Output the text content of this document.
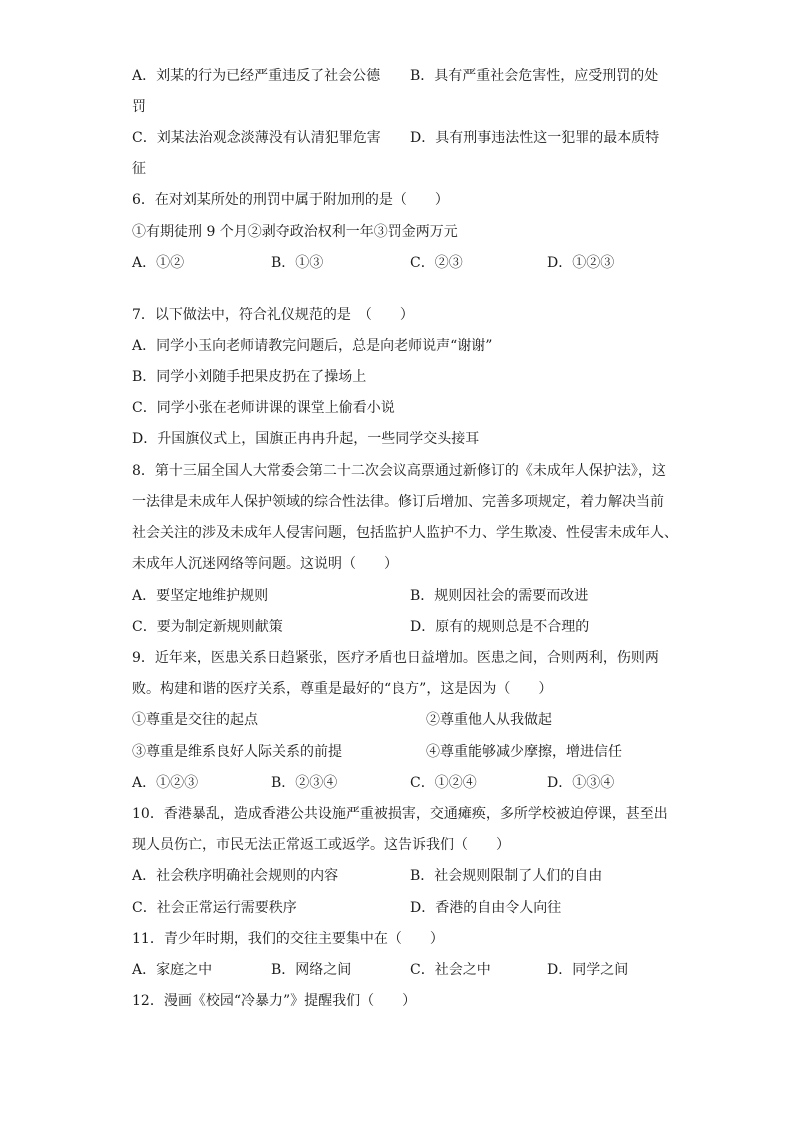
A．刘某的行为已经严重违反了社会公德 B．具有严重社会危害性，应受刑罚的处
罚
C．刘某法治观念淡薄没有认清犯罪危害 D．具有刑事违法性这一犯罪的最本质特
征
6．在对刘某所处的刑罚中属于附加刑的是（　　）
①有期徒刑 9 个月②剥夺政治权利一年③罚金两万元
A．①②	B．①③	C．②③	D．①②③
7．以下做法中，符合礼仪规范的是　（　　）
A．同学小玉向老师请教完问题后，总是向老师说声“谢谢”
B．同学小刘随手把果皮扔在了操场上
C．同学小张在老师讲课的课堂上偷看小说
D．升国旗仪式上，国旗正冉冉升起，一些同学交头接耳
8．第十三届全国人大常委会第二十二次会议高票通过新修订的《未成年人保护法》，这
一法律是未成年人保护领域的综合性法律。修订后增加、完善多项规定，着力解决当前
社会关注的涉及未成年人侵害问题，包括监护人监护不力、学生欺凌、性侵害未成年人、
未成年人沉迷网络等问题。这说明（　　）
A．要坚定地维护规则	B．规则因社会的需要而改进
C．要为制定新规则献策	D．原有的规则总是不合理的
9．近年来，医患关系日趋紧张，医疗矛盾也日益增加。医患之间，合则两利，伤则两
败。构建和谐的医疗关系，尊重是最好的“良方”，这是因为（　　）
①尊重是交往的起点	②尊重他人从我做起
③尊重是维系良好人际关系的前提	④尊重能够减少摩擦，增进信任
A．①②③	B．②③④	C．①②④	D．①③④
10．香港暴乱，造成香港公共设施严重被损害，交通瘫痪，多所学校被迫停课，甚至出
现人员伤亡，市民无法正常返工或返学。这告诉我们（　　）
A．社会秩序明确社会规则的内容	B．社会规则限制了人们的自由
C．社会正常运行需要秩序	D．香港的自由令人向往
11．青少年时期，我们的交往主要集中在（　　）
A．家庭之中	B．网络之间	C．社会之中	D．同学之间
12．漫画《校园“冷暴力”》提醒我们（　　）
